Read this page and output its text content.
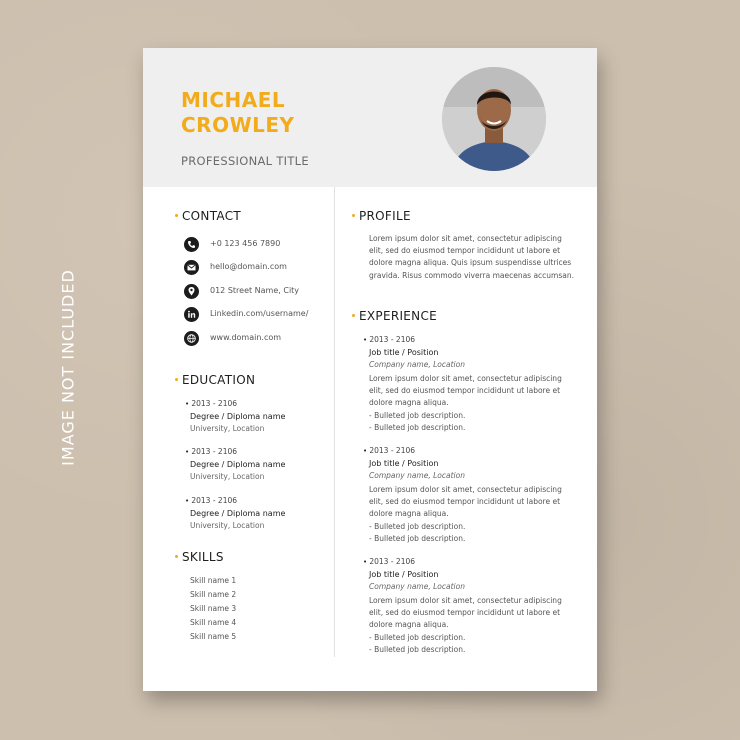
IMAGE NOT INCLUDED
MICHAEL
CROWLEY
PROFESSIONAL TITLE
CONTACT
+0 123 456 7890
hello@domain.com
012 Street Name, City
Linkedin.com/username/
www.domain.com
EDUCATION
• 2013 - 2106
Degree / Diploma name
University, Location
• 2013 - 2106
Degree / Diploma name
University, Location
• 2013 - 2106
Degree / Diploma name
University, Location
SKILLS
Skill name 1
Skill name 2
Skill name 3
Skill name 4
Skill name 5
PROFILE
Lorem ipsum dolor sit amet, consectetur adipiscing elit, sed do eiusmod tempor incididunt ut labore et dolore magna aliqua. Quis ipsum suspendisse ultrices gravida. Risus commodo viverra maecenas accumsan.
EXPERIENCE
• 2013 - 2106
Job title / Position
Company name, Location
Lorem ipsum dolor sit amet, consectetur adipiscing elit, sed do eiusmod tempor incididunt ut labore et dolore magna aliqua.
- Bulleted job description.
- Bulleted job description.
• 2013 - 2106
Job title / Position
Company name, Location
Lorem ipsum dolor sit amet, consectetur adipiscing elit, sed do eiusmod tempor incididunt ut labore et dolore magna aliqua.
- Bulleted job description.
- Bulleted job description.
• 2013 - 2106
Job title / Position
Company name, Location
Lorem ipsum dolor sit amet, consectetur adipiscing elit, sed do eiusmod tempor incididunt ut labore et dolore magna aliqua.
- Bulleted job description.
- Bulleted job description.
